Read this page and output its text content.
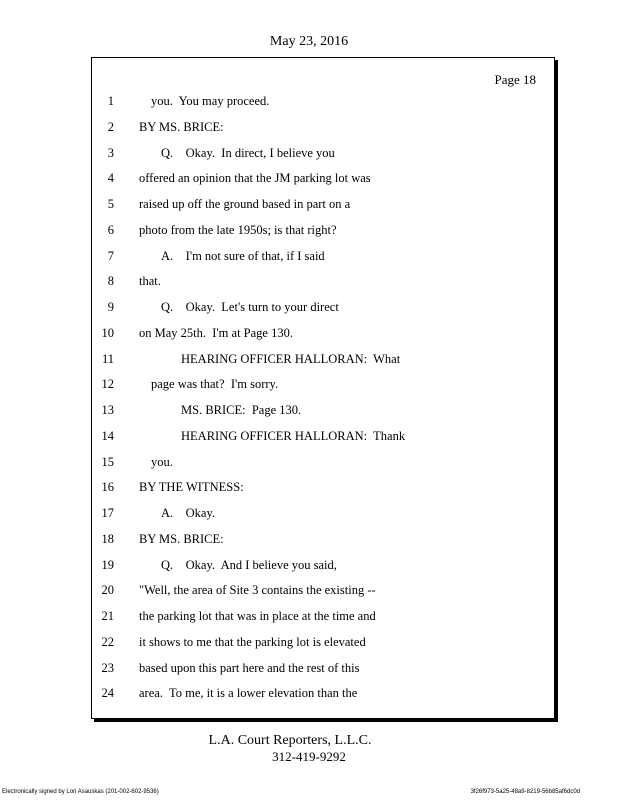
May 23, 2016
Page 18
1	you.  You may proceed.
2 BY MS. BRICE:
3	Q.    Okay.  In direct, I believe you
4 offered an opinion that the JM parking lot was
5 raised up off the ground based in part on a
6 photo from the late 1950s; is that right?
7	A.    I'm not sure of that, if I said
8 that.
9	Q.    Okay.  Let's turn to your direct
10 on May 25th.  I'm at Page 130.
11	HEARING OFFICER HALLORAN:  What
12	page was that?  I'm sorry.
13	MS. BRICE:  Page 130.
14	HEARING OFFICER HALLORAN:  Thank
15	you.
16 BY THE WITNESS:
17	A.    Okay.
18 BY MS. BRICE:
19	Q.    Okay.  And I believe you said,
20 "Well, the area of Site 3 contains the existing --
21 the parking lot that was in place at the time and
22 it shows to me that the parking lot is elevated
23 based upon this part here and the rest of this
24 area.  To me, it is a lower elevation than the
L.A. Court Reporters, L.L.C.
312-419-9292
Electronically signed by Lori Asauskas (201-002-602-9536)	3f26f973-5a25-48a9-8219-56b85af6dc0d
